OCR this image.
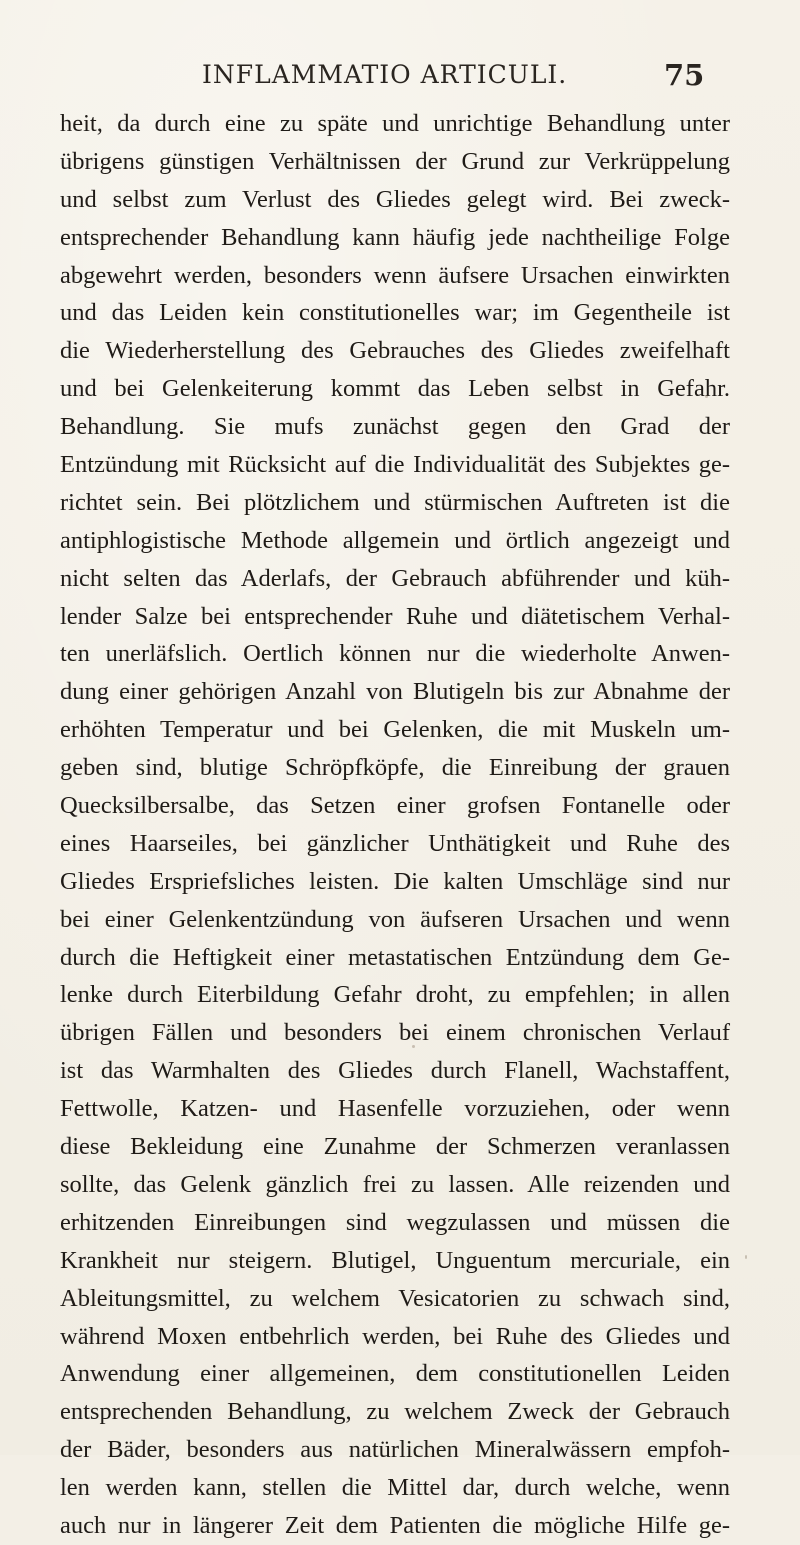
INFLAMMATIO ARTICULI.	75
heit, da durch eine zu späte und unrichtige Behandlung unter
übrigens günstigen Verhältnissen der Grund zur Verkrüppelung
und selbst zum Verlust des Gliedes gelegt wird. Bei zweck-
entsprechender Behandlung kann häufig jede nachtheilige Folge
abgewehrt werden, besonders wenn äufsere Ursachen einwirkten
und das Leiden kein constitutionelles war; im Gegentheile ist
die Wiederherstellung des Gebrauches des Gliedes zweifelhaft
und bei Gelenkeiterung kommt das Leben selbst in Gefahr.
Behandlung. Sie mufs zunächst gegen den Grad der
Entzündung mit Rücksicht auf die Individualität des Subjektes ge-
richtet sein. Bei plötzlichem und stürmischen Auftreten ist die
antiphlogistische Methode allgemein und örtlich angezeigt und
nicht selten das Aderlafs, der Gebrauch abführender und küh-
lender Salze bei entsprechender Ruhe und diätetischem Verhal-
ten unerläfslich. Oertlich können nur die wiederholte Anwen-
dung einer gehörigen Anzahl von Blutigeln bis zur Abnahme der
erhöhten Temperatur und bei Gelenken, die mit Muskeln um-
geben sind, blutige Schröpfköpfe, die Einreibung der grauen
Quecksilbersalbe, das Setzen einer grofsen Fontanelle oder
eines Haarseiles, bei gänzlicher Unthätigkeit und Ruhe des
Gliedes Erspriefsliches leisten. Die kalten Umschläge sind nur
bei einer Gelenkentzündung von äufseren Ursachen und wenn
durch die Heftigkeit einer metastatischen Entzündung dem Ge-
lenke durch Eiterbildung Gefahr droht, zu empfehlen; in allen
übrigen Fällen und besonders bei einem chronischen Verlauf
ist das Warmhalten des Gliedes durch Flanell, Wachstaffent,
Fettwolle, Katzen- und Hasenfelle vorzuziehen, oder wenn
diese Bekleidung eine Zunahme der Schmerzen veranlassen
sollte, das Gelenk gänzlich frei zu lassen. Alle reizenden und
erhitzenden Einreibungen sind wegzulassen und müssen die
Krankheit nur steigern. Blutigel, Unguentum mercuriale, ein
Ableitungsmittel, zu welchem Vesicatorien zu schwach sind,
während Moxen entbehrlich werden, bei Ruhe des Gliedes und
Anwendung einer allgemeinen, dem constitutionellen Leiden
entsprechenden Behandlung, zu welchem Zweck der Gebrauch
der Bäder, besonders aus natürlichen Mineralwässern empfoh-
len werden kann, stellen die Mittel dar, durch welche, wenn
auch nur in längerer Zeit dem Patienten die mögliche Hilfe ge-
